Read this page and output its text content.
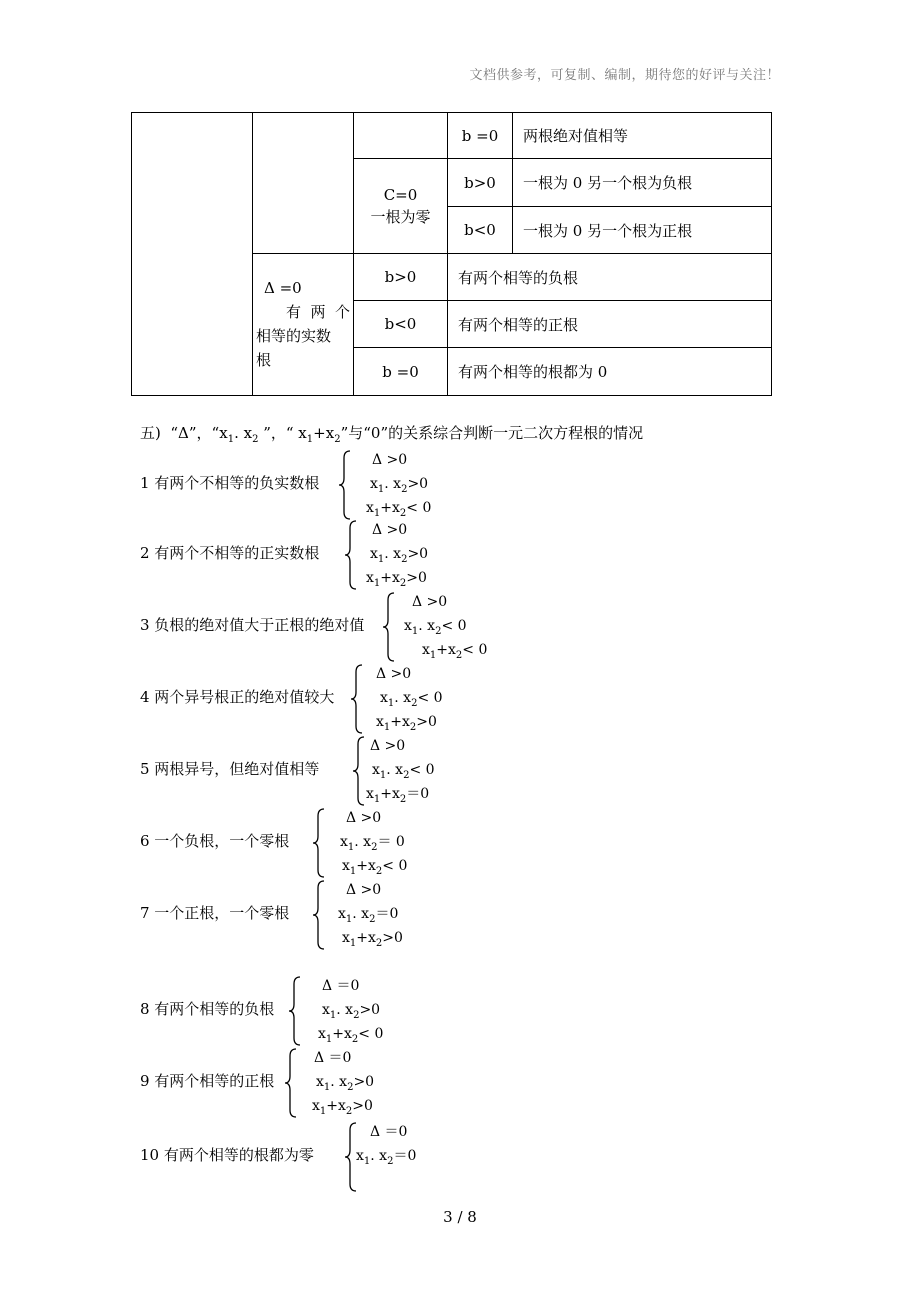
文档供参考，可复制、编制，期待您的好评与关注！
b =0	两根绝对值相等
C=0
一根为零
b>0	一根为 0 另一个根为负根
b<0	一根为 0 另一个根为正根
Δ =0
有 两 个
相等的实数
根
b>0	有两个相等的负根
b<0	有两个相等的正根
b =0	有两个相等的根都为 0
五)  “Δ”，“$x_1$. $x_2$ ”，“ $x_1+x_2$”与“0”的关系综合判断一元二次方程根的情况
1 有两个不相等的负实数根
Δ >0
$x_1$. $x_2>0$
$x_1+x_2< 0$
2 有两个不相等的正实数根
Δ >0
$x_1$. $x_2>0$
$x_1+x_2>0$
3 负根的绝对值大于正根的绝对值
Δ >0
$x_1$. $x_2< 0$
$x_1+x_2< 0$
4 两个异号根正的绝对值较大
Δ >0
$x_1$. $x_2< 0$
$x_1+x_2>0$
5 两根异号，但绝对值相等
Δ >0
$x_1$. $x_2< 0$
$x_1+x_2=0$
6 一个负根，一个零根
Δ >0
$x_1$. $x_2= 0$
$x_1+x_2< 0$
7 一个正根，一个零根
Δ >0
$x_1$. $x_2=0$
$x_1+x_2>0$
8 有两个相等的负根
Δ ＝0
$x_1$. $x_2>0$
$x_1+x_2< 0$
9 有两个相等的正根
Δ ＝0
$x_1$. $x_2>0$
$x_1+x_2>0$
10 有两个相等的根都为零
Δ ＝0
$x_1$. $x_2=0$
3 / 8
